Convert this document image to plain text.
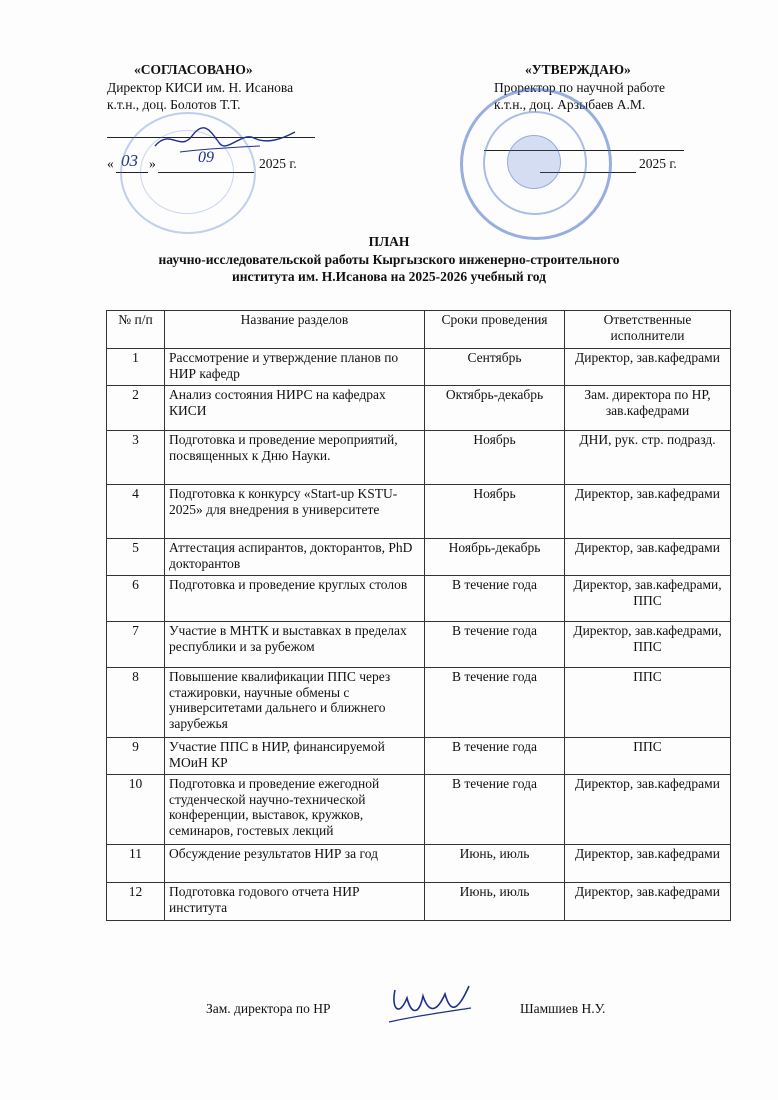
«СОГЛАСОВАНО»
Директор КИСИ им. Н. Исанова
к.т.н., доц. Болотов Т.Т.
« 03 »	09	2025 г.
«УТВЕРЖДАЮ»
Проректор по научной работе
к.т.н., доц. Арзыбаев А.М.
2025 г.
ПЛАН
научно-исследовательской работы Кыргызского инженерно-строительного
института им. Н.Исанова на 2025-2026 учебный год
№ п/п	Название разделов	Сроки проведения	Ответственные исполнители
1	Рассмотрение и утверждение планов по НИР кафедр	Сентябрь	Директор, зав.кафедрами
2	Анализ состояния НИРС на кафедрах КИСИ	Октябрь-декабрь	Зам. директора по НР, зав.кафедрами
3	Подготовка и проведение мероприятий, посвященных к Дню Науки.	Ноябрь	ДНИ, рук. стр. подразд.
4	Подготовка к конкурсу «Start-up KSTU-2025» для внедрения в университете	Ноябрь	Директор, зав.кафедрами
5	Аттестация аспирантов, докторантов, PhD докторантов	Ноябрь-декабрь	Директор, зав.кафедрами
6	Подготовка и проведение круглых столов	В течение года	Директор, зав.кафедрами, ППС
7	Участие в МНТК и выставках в пределах республики и за рубежом	В течение года	Директор, зав.кафедрами, ППС
8	Повышение квалификации ППС через стажировки, научные обмены с университетами дальнего и ближнего зарубежья	В течение года	ППС
9	Участие ППС в НИР, финансируемой МОиН КР	В течение года	ППС
10	Подготовка и проведение ежегодной студенческой научно-технической конференции, выставок, кружков, семинаров, гостевых лекций	В течение года	Директор, зав.кафедрами
11	Обсуждение результатов НИР за год	Июнь, июль	Директор, зав.кафедрами
12	Подготовка годового отчета НИР института	Июнь, июль	Директор, зав.кафедрами
Зам. директора по НР	Шамшиев Н.У.
